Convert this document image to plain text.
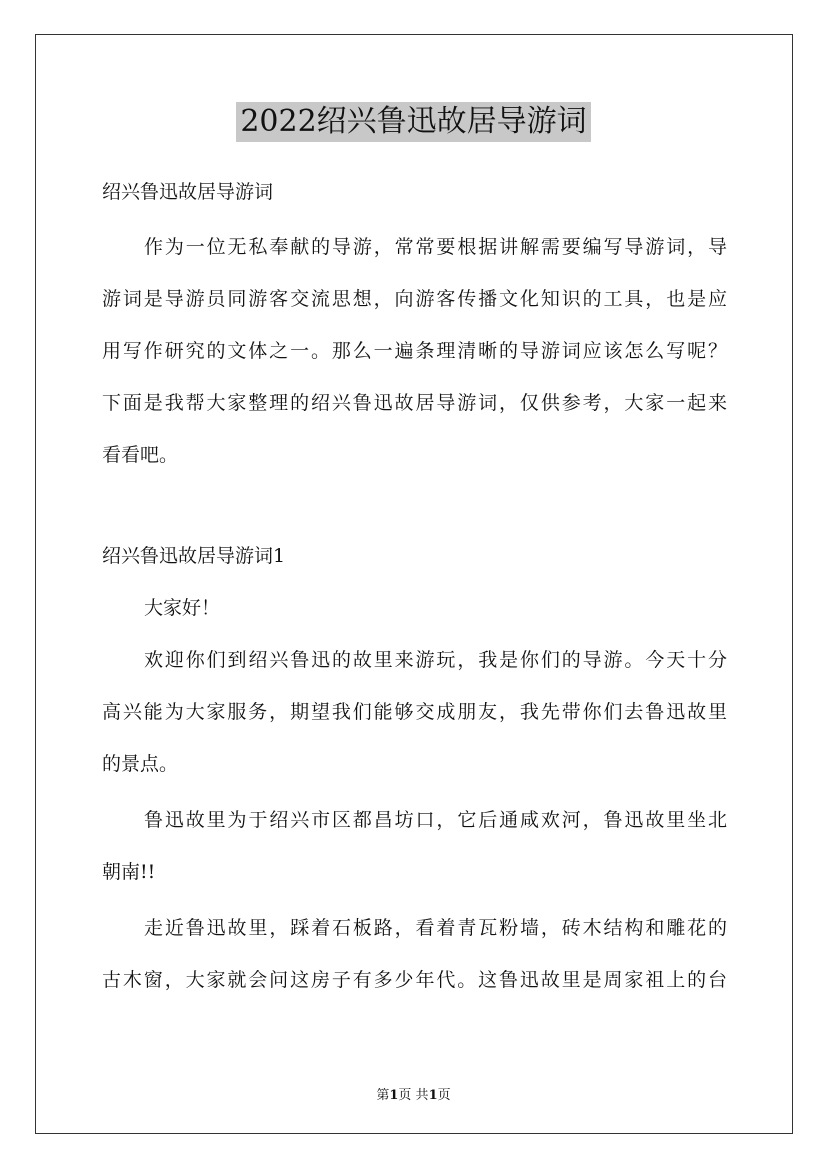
2022绍兴鲁迅故居导游词
绍兴鲁迅故居导游词
作为一位无私奉献的导游，常常要根据讲解需要编写导游词，导
游词是导游员同游客交流思想，向游客传播文化知识的工具，也是应
用写作研究的文体之一。那么一遍条理清晰的导游词应该怎么写呢？
下面是我帮大家整理的绍兴鲁迅故居导游词，仅供参考，大家一起来
看看吧。
绍兴鲁迅故居导游词1
大家好！
欢迎你们到绍兴鲁迅的故里来游玩，我是你们的导游。今天十分
高兴能为大家服务，期望我们能够交成朋友，我先带你们去鲁迅故里
的景点。
鲁迅故里为于绍兴市区都昌坊口，它后通咸欢河，鲁迅故里坐北
朝南!!
走近鲁迅故里，踩着石板路，看着青瓦粉墙，砖木结构和雕花的
古木窗，大家就会问这房子有多少年代。这鲁迅故里是周家祖上的台
第1页 共1页
